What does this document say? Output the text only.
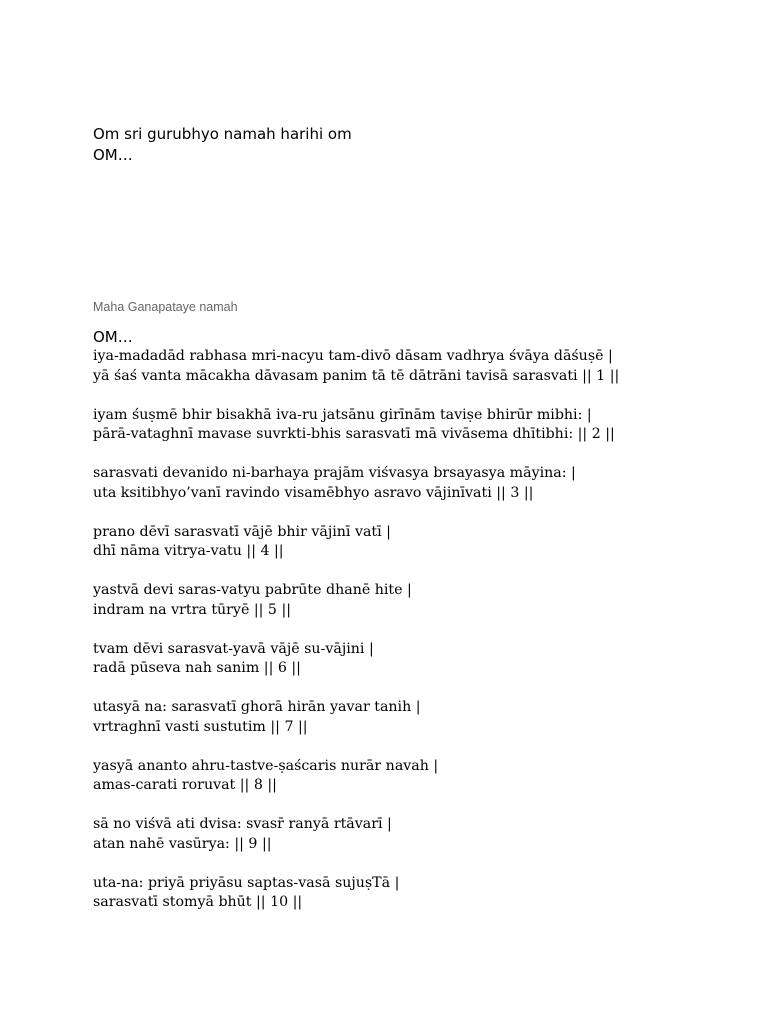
Om sri gurubhyo namah harihi om
OM…
Maha Ganapataye namah
OM…
iya-madadād rabhasa mri-nacyu tam-divō dāsam vadhrya śvāya dāśuṣē |
yā śaś vanta mācakha dāvasam panim tā tē dātrāni tavisā sarasvati || 1 ||
iyam śuṣmē bhir bisakhā iva-ru jatsānu girīnām taviṣe bhirūr mibhi: |
pārā-vataghnī mavase suvrkti-bhis sarasvatī mā vivāsema dhītibhi: || 2 ||
sarasvati devanido ni-barhaya prajām viśvasya brsayasya māyina: |
uta ksitibhyo’vanī ravindo visamēbhyo asravo vājinīvati || 3 ||
prano dēvī sarasvatī vājē bhir vājinī vatī |
dhī nāma vitrya-vatu || 4 ||
yastvā devi saras-vatyu pabrūte dhanē hite |
indram na vrtra tūryē || 5 ||
tvam dēvi sarasvat-yavā vājē su-vājini |
radā pūseva nah sanim || 6 ||
utasyā na: sarasvatī ghorā hirān yavar tanih |
vrtraghnī vasti sustutim || 7 ||
yasyā ananto ahru-tastve-ṣaścaris nurār navah |
amas-carati roruvat || 8 ||
sā no viśvā ati dvisa: svasr̄ ranyā rtāvarī |
atan nahē vasūrya: || 9 ||
uta-na: priyā priyāsu saptas-vasā sujuṣTā |
sarasvatī stomyā bhūt || 10 ||
